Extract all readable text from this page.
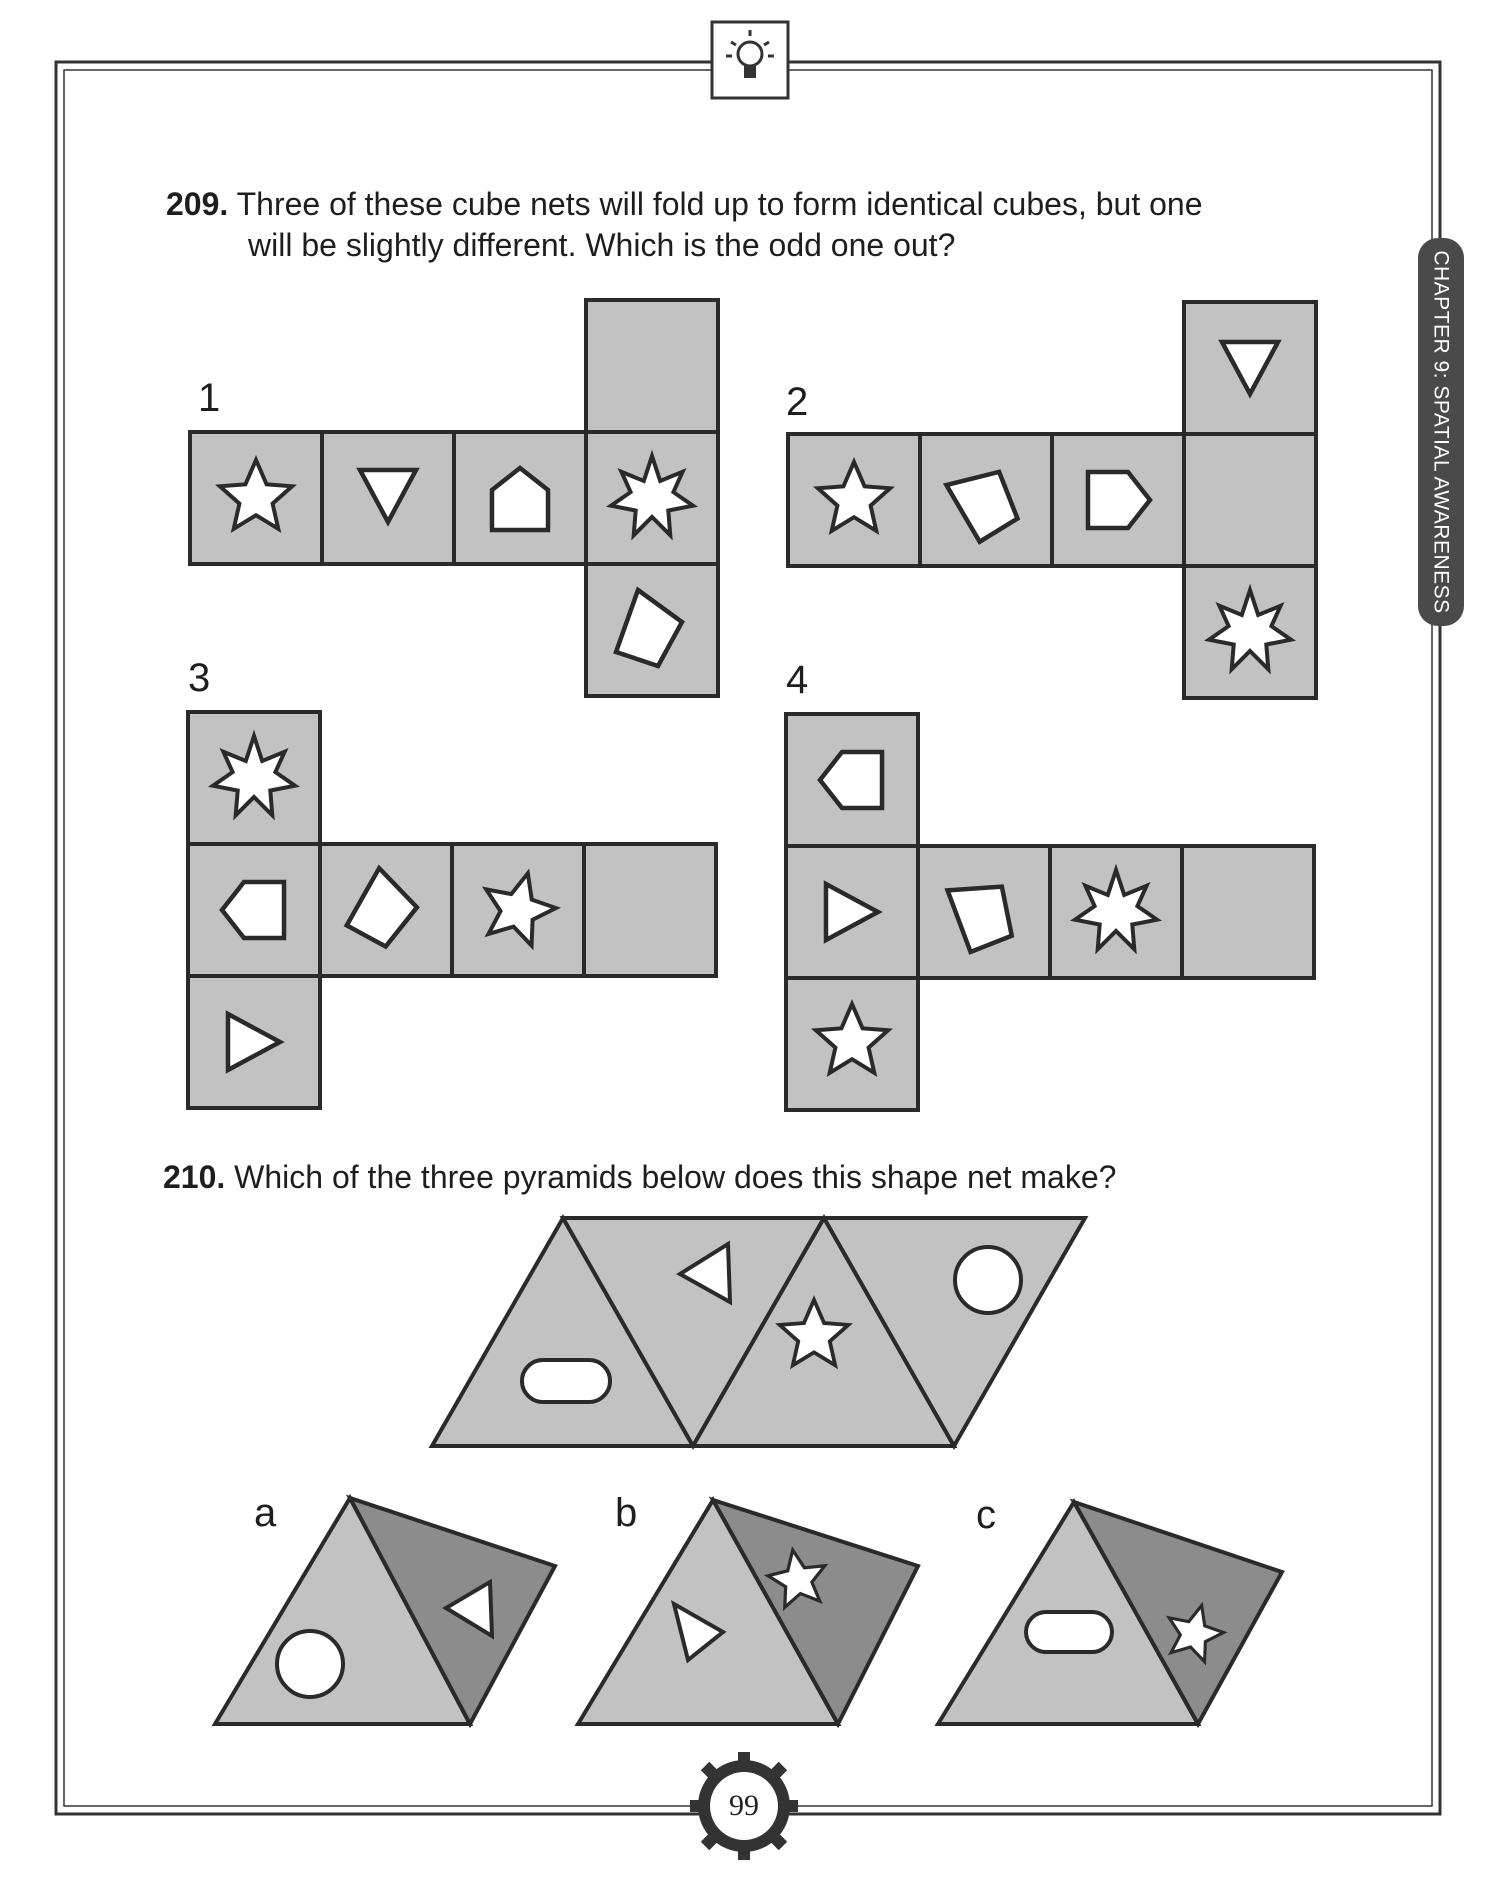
CHAPTER 9: SPATIAL AWARENESS
209. Three of these cube nets will fold up to form identical cubes, but one
will be slightly different. Which is the odd one out?
1	2
3	4
210. Which of the three pyramids below does this shape net make?
a	b	c
99
